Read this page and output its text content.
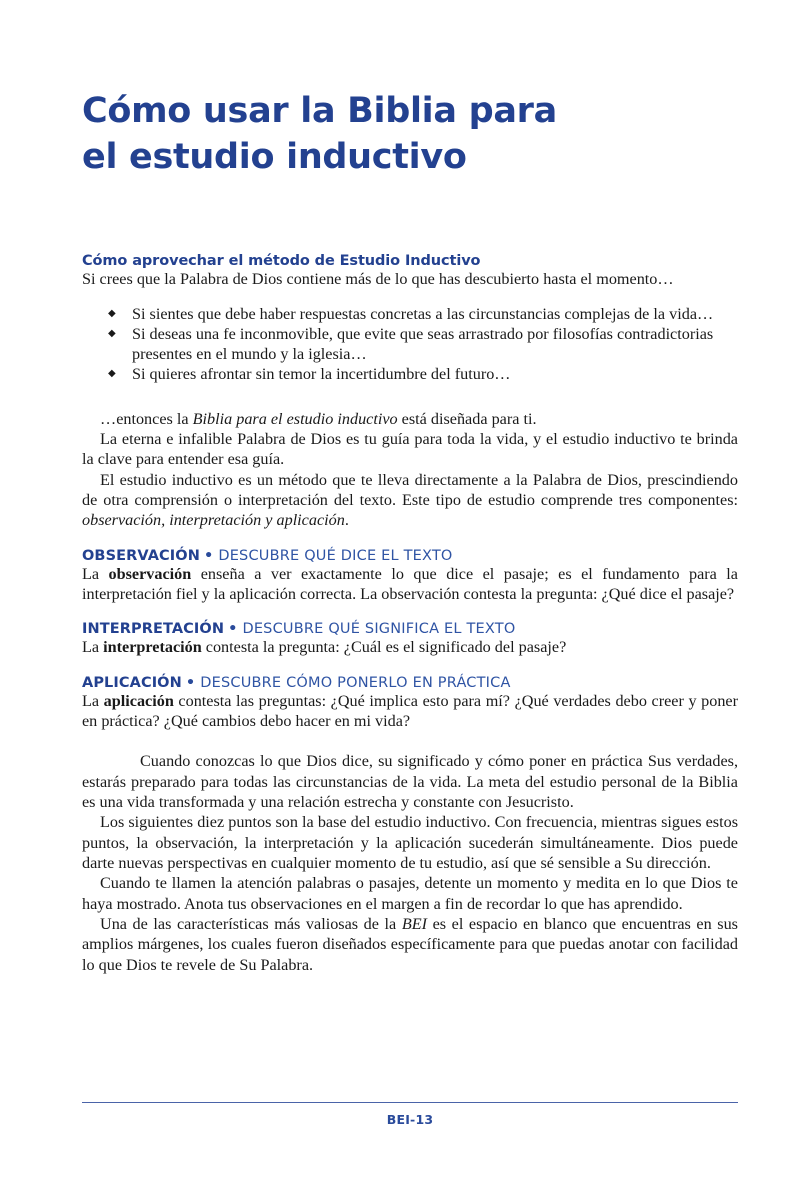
Cómo usar la Biblia para
el estudio inductivo
Cómo aprovechar el método de Estudio Inductivo

Si crees que la Palabra de Dios contiene más de lo que has descubierto hasta el momento…

◆ Si sientes que debe haber respuestas concretas a las circunstancias complejas de la vida…
◆ Si deseas una fe inconmovible, que evite que seas arrastrado por filosofías contradictorias presentes en el mundo y la iglesia…
◆ Si quieres afrontar sin temor la incertidumbre del futuro…

…entonces la Biblia para el estudio inductivo está diseñada para ti.

La eterna e infalible Palabra de Dios es tu guía para toda la vida, y el estudio inductivo te brinda la clave para entender esa guía.

El estudio inductivo es un método que te lleva directamente a la Palabra de Dios, prescindiendo de otra comprensión o interpretación del texto. Este tipo de estudio comprende tres componentes: observación, interpretación y aplicación.

OBSERVACIÓN • DESCUBRE QUÉ DICE EL TEXTO

La observación enseña a ver exactamente lo que dice el pasaje; es el fundamento para la interpretación fiel y la aplicación correcta. La observación contesta la pregunta: ¿Qué dice el pasaje?

INTERPRETACIÓN • DESCUBRE QUÉ SIGNIFICA EL TEXTO

La interpretación contesta la pregunta: ¿Cuál es el significado del pasaje?

APLICACIÓN • DESCUBRE CÓMO PONERLO EN PRÁCTICA

La aplicación contesta las preguntas: ¿Qué implica esto para mí? ¿Qué verdades debo creer y poner en práctica? ¿Qué cambios debo hacer en mi vida?

Cuando conozcas lo que Dios dice, su significado y cómo poner en práctica Sus verdades, estarás preparado para todas las circunstancias de la vida. La meta del estudio personal de la Biblia es una vida transformada y una relación estrecha y constante con Jesucristo.

Los siguientes diez puntos son la base del estudio inductivo. Con frecuencia, mientras sigues estos puntos, la observación, la interpretación y la aplicación sucederán simultáneamente. Dios puede darte nuevas perspectivas en cualquier momento de tu estudio, así que sé sensible a Su dirección.

Cuando te llamen la atención palabras o pasajes, detente un momento y medita en lo que Dios te haya mostrado. Anota tus observaciones en el margen a fin de recordar lo que has aprendido.

Una de las características más valiosas de la BEI es el espacio en blanco que encuentras en sus amplios márgenes, los cuales fueron diseñados específicamente para que puedas anotar con facilidad lo que Dios te revele de Su Palabra.

BEI-13
